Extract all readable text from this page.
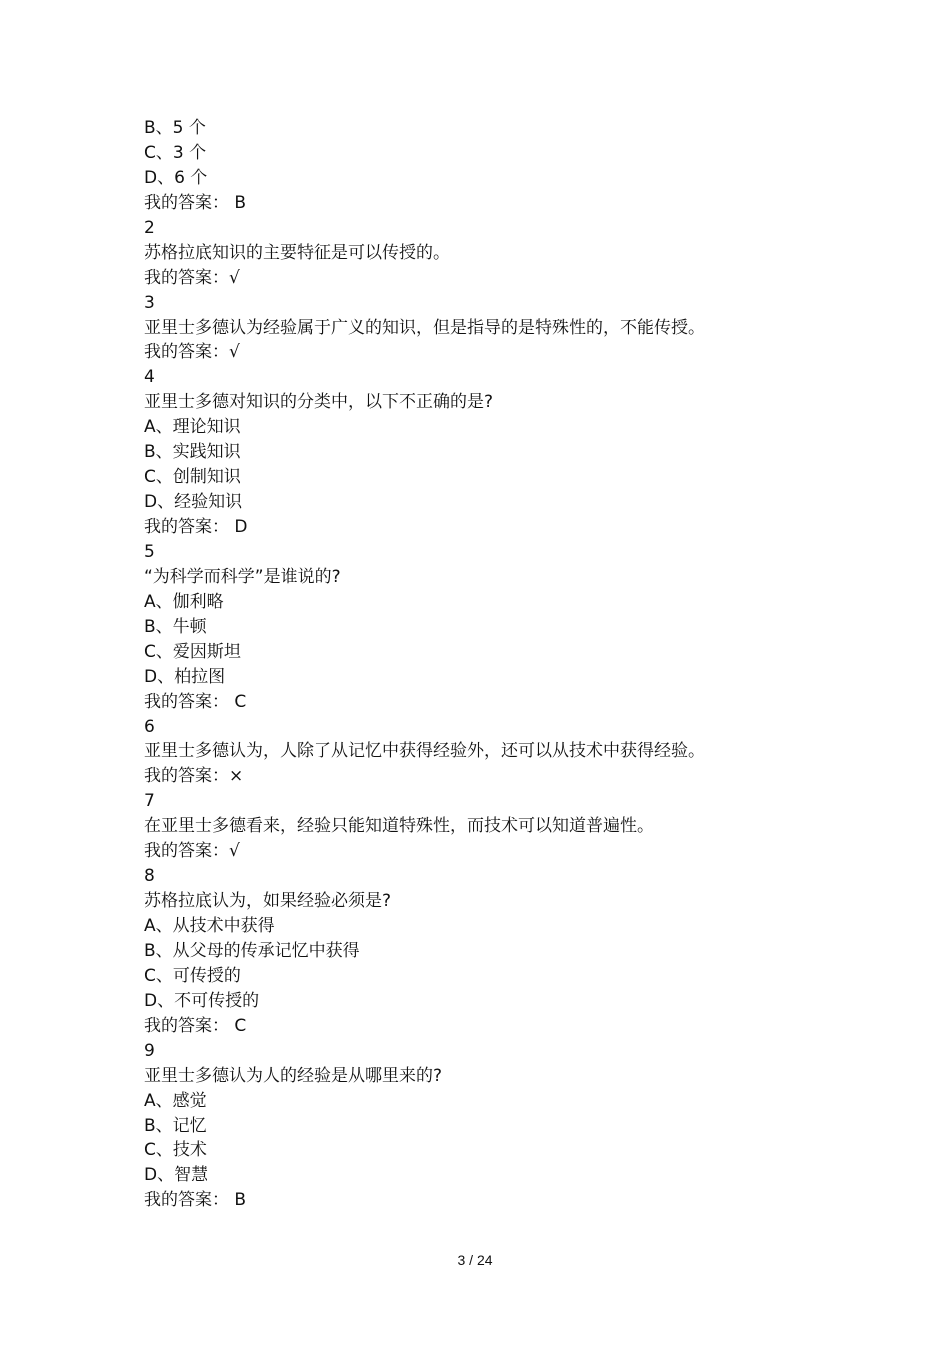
B、5 个
C、3 个
D、6 个
我的答案： B
2
苏格拉底知识的主要特征是可以传授的。
我的答案：√
3
亚里士多德认为经验属于广义的知识，但是指导的是特殊性的，不能传授。
我的答案：√
4
亚里士多德对知识的分类中，以下不正确的是?
A、理论知识
B、实践知识
C、创制知识
D、经验知识
我的答案： D
5
“为科学而科学”是谁说的?
A、伽利略
B、牛顿
C、爱因斯坦
D、柏拉图
我的答案： C
6
亚里士多德认为，人除了从记忆中获得经验外，还可以从技术中获得经验。
我的答案：×
7
在亚里士多德看来，经验只能知道特殊性，而技术可以知道普遍性。
我的答案：√
8
苏格拉底认为，如果经验必须是?
A、从技术中获得
B、从父母的传承记忆中获得
C、可传授的
D、不可传授的
我的答案： C
9
亚里士多德认为人的经验是从哪里来的?
A、感觉
B、记忆
C、技术
D、智慧
我的答案： B
3 / 24
